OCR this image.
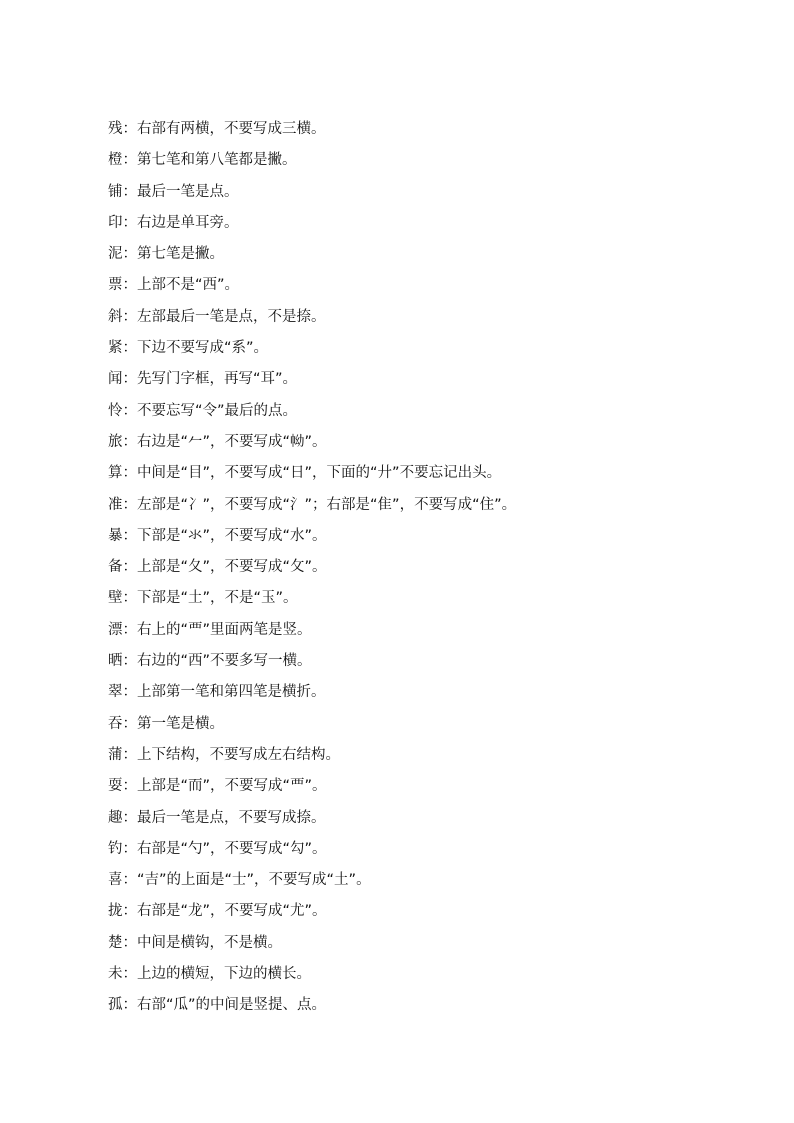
残：右部有两横，不要写成三横。
橙：第七笔和第八笔都是撇。
铺：最后一笔是点。
印：右边是单耳旁。
泥：第七笔是撇。
票：上部不是“西”。
斜：左部最后一笔是点，不是捺。
紧：下边不要写成“系”。
闻：先写门字框，再写“耳”。
怜：不要忘写“令”最后的点。
旅：右边是“𠂉”，不要写成“𢂊”。
算：中间是“目”，不要写成“日”，下面的“廾”不要忘记出头。
准：左部是“冫”，不要写成“氵”；右部是“隹”，不要写成“住”。
暴：下部是“氺”，不要写成“水”。
备：上部是“夂”，不要写成“攵”。
壁：下部是“土”，不是“玉”。
漂：右上的“覀”里面两笔是竖。
晒：右边的“西”不要多写一横。
翠：上部第一笔和第四笔是横折。
吞：第一笔是横。
蒲：上下结构，不要写成左右结构。
耍：上部是“而”，不要写成“覀”。
趣：最后一笔是点，不要写成捺。
钓：右部是“勺”，不要写成“勾”。
喜：“吉”的上面是“士”，不要写成“土”。
拢：右部是“龙”，不要写成“尤”。
楚：中间是横钩，不是横。
未：上边的横短，下边的横长。
孤：右部“瓜”的中间是竖提、点。
